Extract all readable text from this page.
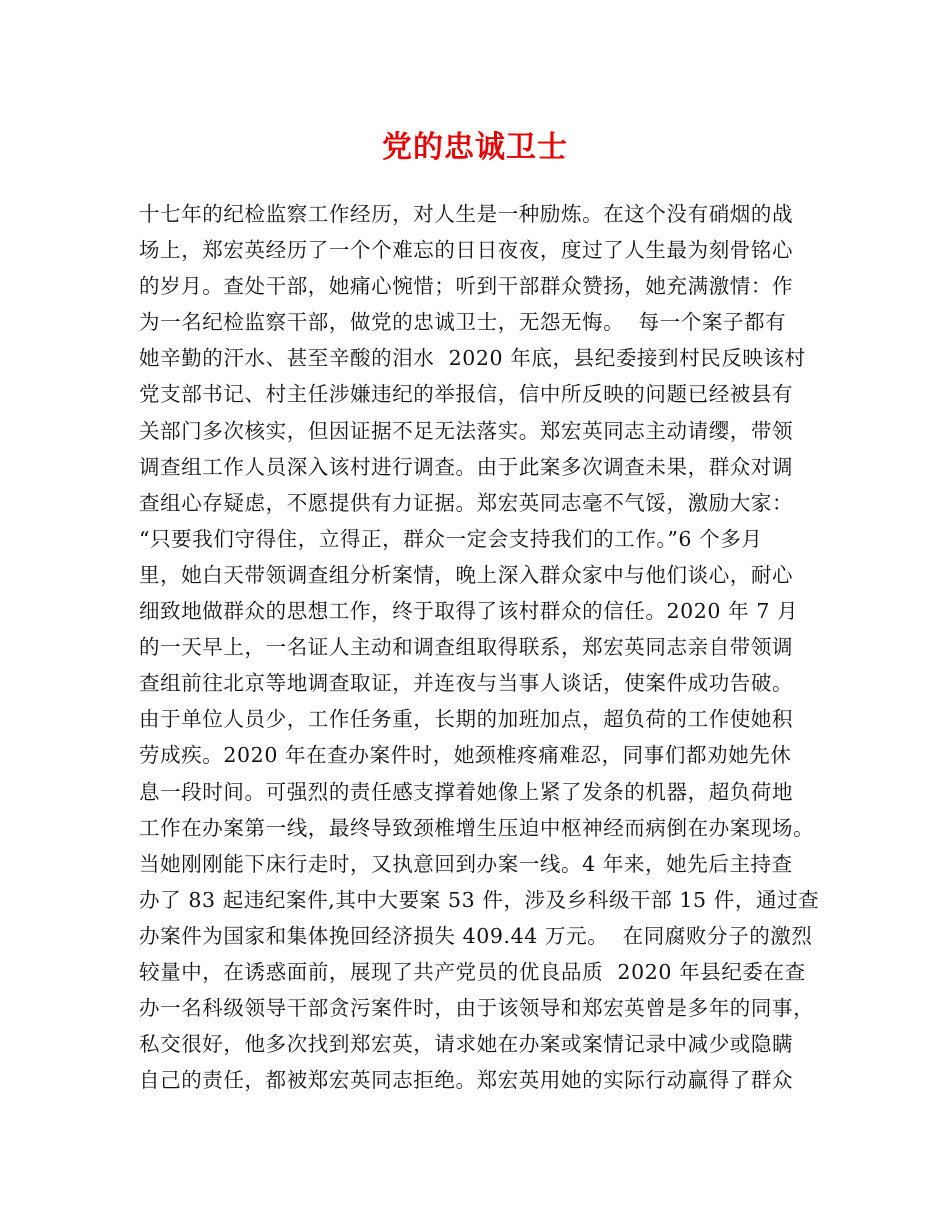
党的忠诚卫士
十七年的纪检监察工作经历，对人生是一种励炼。在这个没有硝烟的战
场上，郑宏英经历了一个个难忘的日日夜夜，度过了人生最为刻骨铭心
的岁月。查处干部，她痛心惋惜；听到干部群众赞扬，她充满激情：作
为一名纪检监察干部，做党的忠诚卫士，无怨无悔。  每一个案子都有
她辛勤的汗水、甚至辛酸的泪水  2020 年底，县纪委接到村民反映该村
党支部书记、村主任涉嫌违纪的举报信，信中所反映的问题已经被县有
关部门多次核实，但因证据不足无法落实。郑宏英同志主动请缨，带领
调查组工作人员深入该村进行调查。由于此案多次调查未果，群众对调
查组心存疑虑，不愿提供有力证据。郑宏英同志毫不气馁，激励大家：
“只要我们守得住，立得正，群众一定会支持我们的工作。”6 个多月
里，她白天带领调查组分析案情，晚上深入群众家中与他们谈心，耐心
细致地做群众的思想工作，终于取得了该村群众的信任。2020 年 7 月
的一天早上，一名证人主动和调查组取得联系，郑宏英同志亲自带领调
查组前往北京等地调查取证，并连夜与当事人谈话，使案件成功告破。
由于单位人员少，工作任务重，长期的加班加点，超负荷的工作使她积
劳成疾。2020 年在查办案件时，她颈椎疼痛难忍，同事们都劝她先休
息一段时间。可强烈的责任感支撑着她像上紧了发条的机器，超负荷地
工作在办案第一线，最终导致颈椎增生压迫中枢神经而病倒在办案现场。
当她刚刚能下床行走时，又执意回到办案一线。4 年来，她先后主持查
办了 83 起违纪案件,其中大要案 53 件，涉及乡科级干部 15 件，通过查
办案件为国家和集体挽回经济损失 409.44 万元。  在同腐败分子的激烈
较量中，在诱惑面前，展现了共产党员的优良品质  2020 年县纪委在查
办一名科级领导干部贪污案件时，由于该领导和郑宏英曾是多年的同事，
私交很好，他多次找到郑宏英，请求她在办案或案情记录中减少或隐瞒
自己的责任，都被郑宏英同志拒绝。郑宏英用她的实际行动赢得了群众
